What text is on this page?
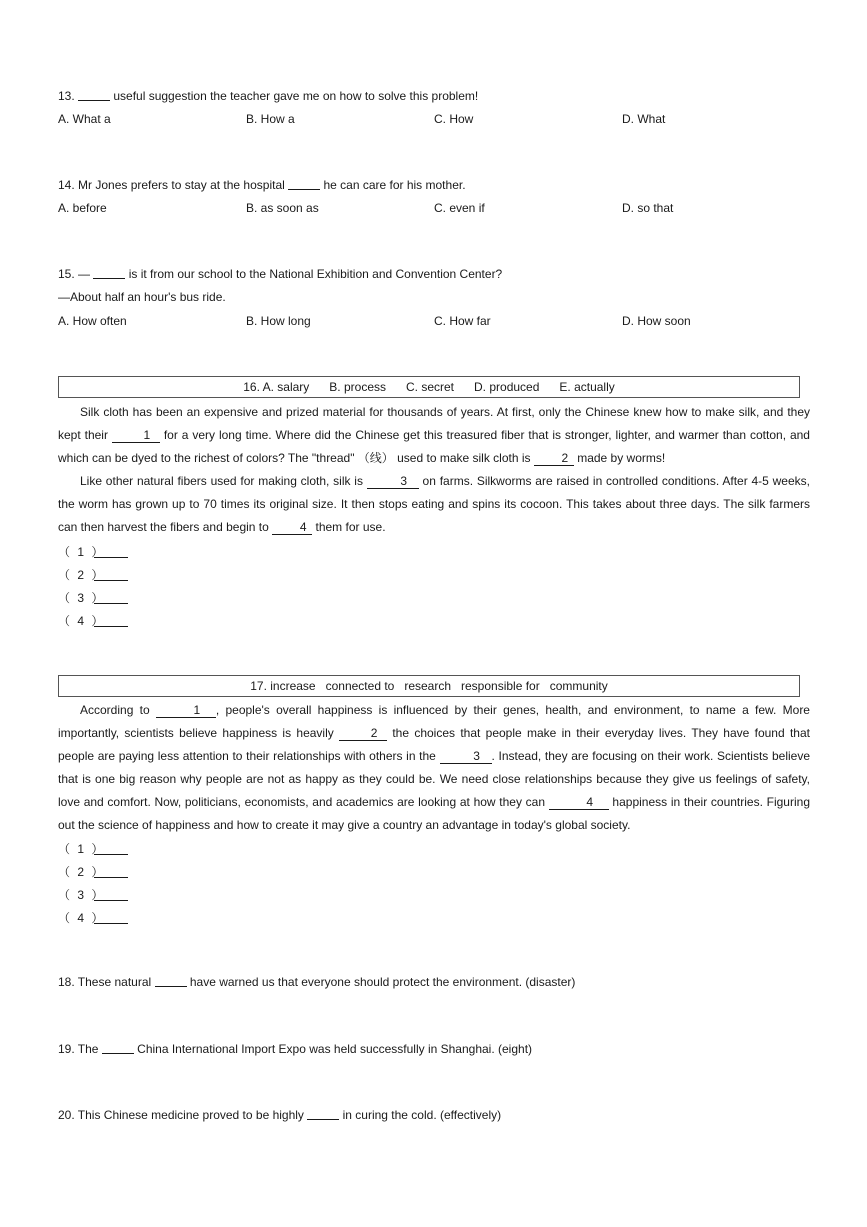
13.	useful suggestion the teacher gave me on how to solve this problem!
A. What a	B. How a	C. How	D. What
14. Mr Jones prefers to stay at the hospital	he can care for his mother.
A. before	B. as soon as	C. even if	D. so that
15. —	is it from our school to the National Exhibition and Convention Center?
—About half an hour's bus ride.
A. How often	B. How long	C. How far	D. How soon
16. A. salary B. process C. secret D. produced E. actually

Silk cloth has been an expensive and prized material for thousands of years. At first, only the Chinese knew how to make silk, and they kept their	1 for a very long time. Where did the Chinese get this treasured fiber that is stronger, lighter, and warmer than cotton, and which can be dyed to the richest of colors? The "thread" （线） used to make silk cloth is 2 made by worms!

Like other natural fibers used for making cloth, silk is	3 on farms. Silkworms are raised in controlled conditions. After 4-5 weeks, the worm has grown up to 70 times its original size. It then stops eating and spins its cocoon. This takes about three days. The silk farmers can then harvest the fibers and begin to 4 them for use.

（ 1 ）
（ 2 ）
（ 3 ）
（ 4 ）
17. increase connected to research responsible for community

According to	1 , people's overall happiness is influenced by their genes, health, and environment, to name a few. More importantly, scientists believe happiness is heavily	2 the choices that people make in their everyday lives. They have found that people are paying less attention to their relationships with others in the	3 . Instead, they are focusing on their work. Scientists believe that is one big reason why people are not as happy as they could be. We need close relationships because they give us feelings of safety, love and comfort. Now, politicians, economists, and academics are looking at how they can	4 happiness in their countries. Figuring out the science of happiness and how to create it may give a country an advantage in today's global society.

（ 1 ）
（ 2 ）
（ 3 ）
（ 4 ）
18. These natural	have warned us that everyone should protect the environment. (disaster)
19. The	China International Import Expo was held successfully in Shanghai. (eight)
20. This Chinese medicine proved to be highly	in curing the cold. (effectively)
